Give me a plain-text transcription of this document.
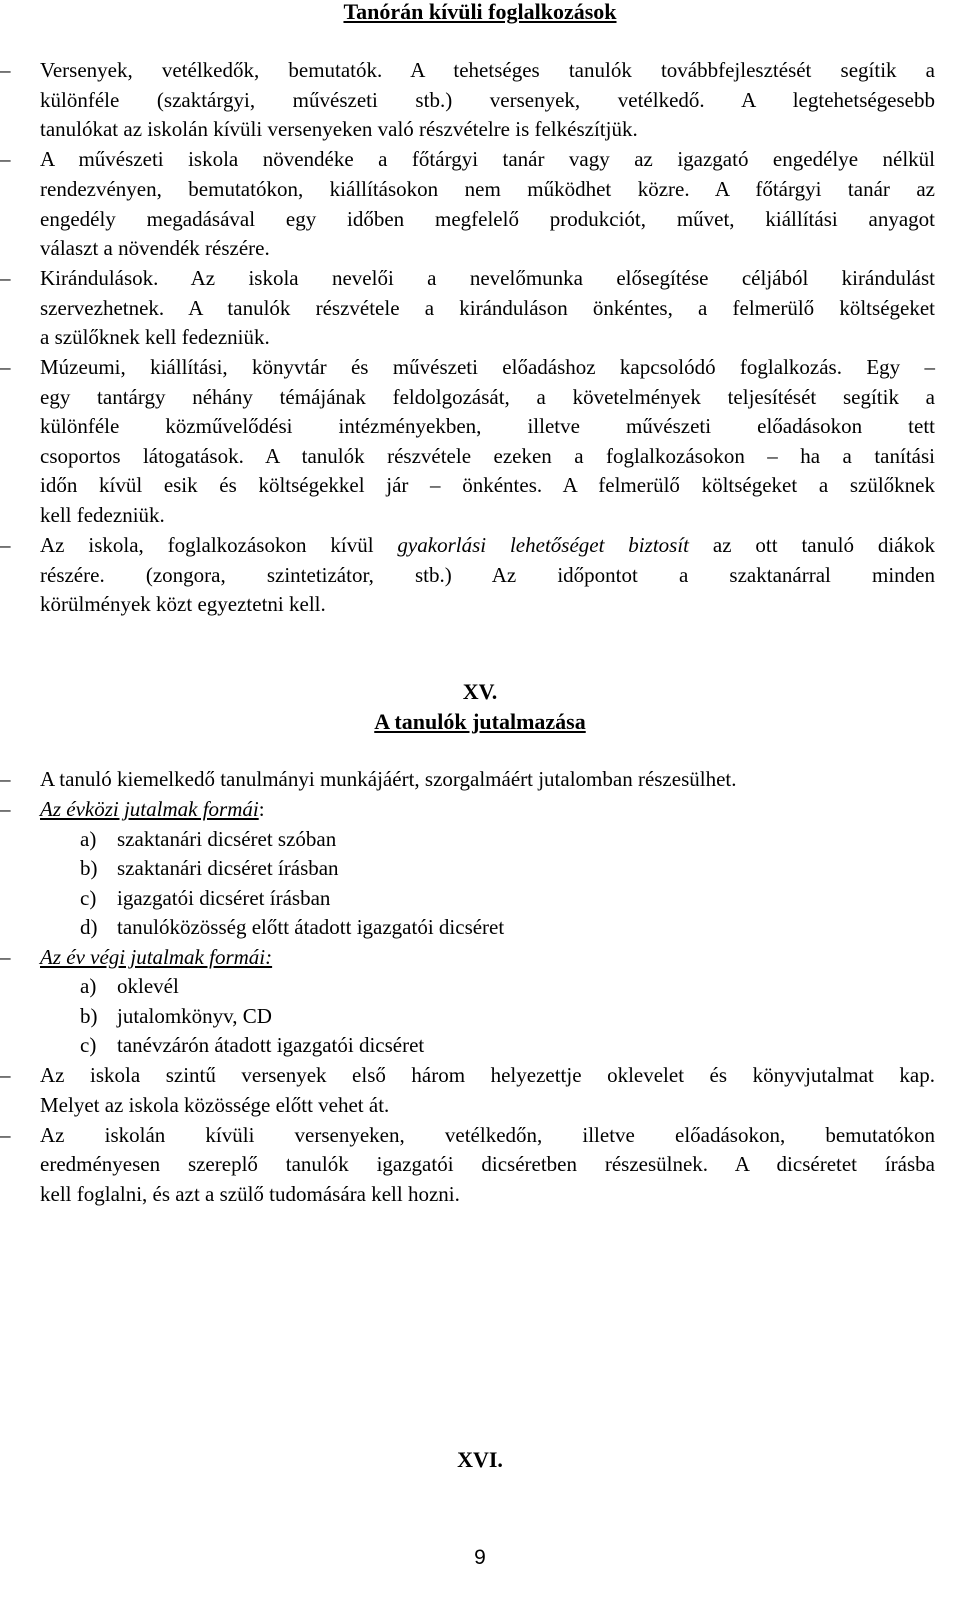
Tanórán kívüli foglalkozások
– Versenyek, vetélkedők, bemutatók. A tehetséges tanulók továbbfejlesztését segítik a
különféle (szaktárgyi, művészeti stb.) versenyek, vetélkedő. A legtehetségesebb
tanulókat az iskolán kívüli versenyeken való részvételre is felkészítjük.
– A művészeti iskola növendéke a főtárgyi tanár vagy az igazgató engedélye nélkül
rendezvényen, bemutatókon, kiállításokon nem működhet közre. A főtárgyi tanár az
engedély megadásával egy időben megfelelő produkciót, művet, kiállítási anyagot
választ a növendék részére.
– Kirándulások. Az iskola nevelői a nevelőmunka elősegítése céljából kirándulást
szervezhetnek. A tanulók részvétele a kiránduláson önkéntes, a felmerülő költségeket
a szülőknek kell fedezniük.
– Múzeumi, kiállítási, könyvtár és művészeti előadáshoz kapcsolódó foglalkozás. Egy –
egy tantárgy néhány témájának feldolgozását, a követelmények teljesítését segítik a
különféle közművelődési intézményekben, illetve művészeti előadásokon tett
csoportos látogatások. A tanulók részvétele ezeken a foglalkozásokon – ha a tanítási
időn kívül esik és költségekkel jár – önkéntes. A felmerülő költségeket a szülőknek
kell fedezniük.
– Az iskola, foglalkozásokon kívül gyakorlási lehetőséget biztosít az ott tanuló diákok
részére. (zongora, szintetizátor, stb.) Az időpontot a szaktanárral minden
körülmények közt egyeztetni kell.
XV.
A tanulók jutalmazása
– A tanuló kiemelkedő tanulmányi munkájáért, szorgalmáért jutalomban részesülhet.
– Az évközi jutalmak formái:
a) szaktanári dicséret szóban
b) szaktanári dicséret írásban
c) igazgatói dicséret írásban
d) tanulóközösség előtt átadott igazgatói dicséret
– Az év végi jutalmak formái:
a) oklevél
b) jutalomkönyv, CD
c) tanévzárón átadott igazgatói dicséret
– Az iskola szintű versenyek első három helyezettje oklevelet és könyvjutalmat kap.
Melyet az iskola közössége előtt vehet át.
– Az iskolán kívüli versenyeken, vetélkedőn, illetve előadásokon, bemutatókon
eredményesen szereplő tanulók igazgatói dicséretben részesülnek. A dicséretet írásba
kell foglalni, és azt a szülő tudomására kell hozni.
XVI.
9
